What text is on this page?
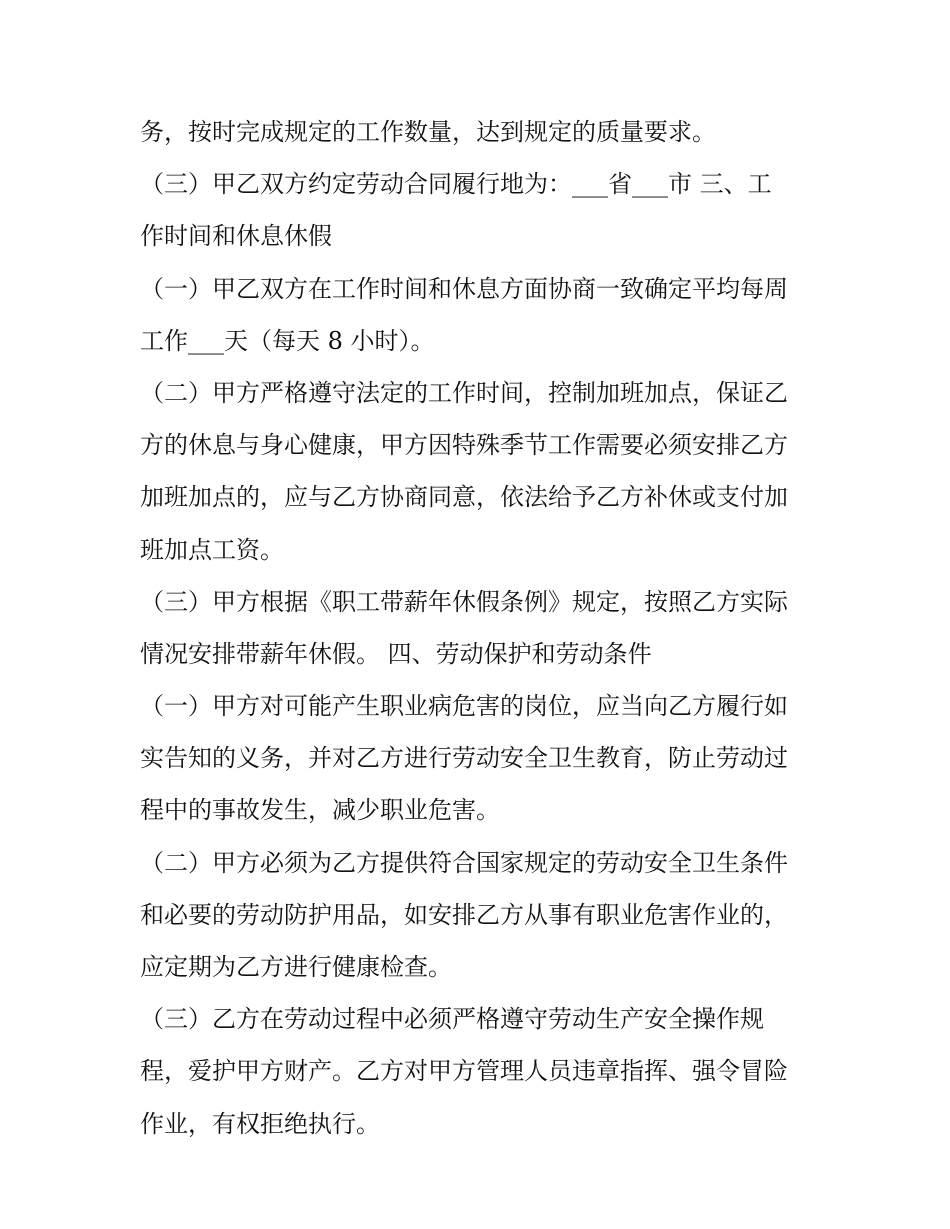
务，按时完成规定的工作数量，达到规定的质量要求。
（三）甲乙双方约定劳动合同履行地为：___省___市 三、工
作时间和休息休假
（一）甲乙双方在工作时间和休息方面协商一致确定平均每周
工作___天（每天 8 小时）。
（二）甲方严格遵守法定的工作时间，控制加班加点，保证乙
方的休息与身心健康，甲方因特殊季节工作需要必须安排乙方
加班加点的，应与乙方协商同意，依法给予乙方补休或支付加
班加点工资。
（三）甲方根据《职工带薪年休假条例》规定，按照乙方实际
情况安排带薪年休假。 四、劳动保护和劳动条件
（一）甲方对可能产生职业病危害的岗位，应当向乙方履行如
实告知的义务，并对乙方进行劳动安全卫生教育，防止劳动过
程中的事故发生，减少职业危害。
（二）甲方必须为乙方提供符合国家规定的劳动安全卫生条件
和必要的劳动防护用品，如安排乙方从事有职业危害作业的，
应定期为乙方进行健康检查。
（三）乙方在劳动过程中必须严格遵守劳动生产安全操作规
程，爱护甲方财产。乙方对甲方管理人员违章指挥、强令冒险
作业，有权拒绝执行。
